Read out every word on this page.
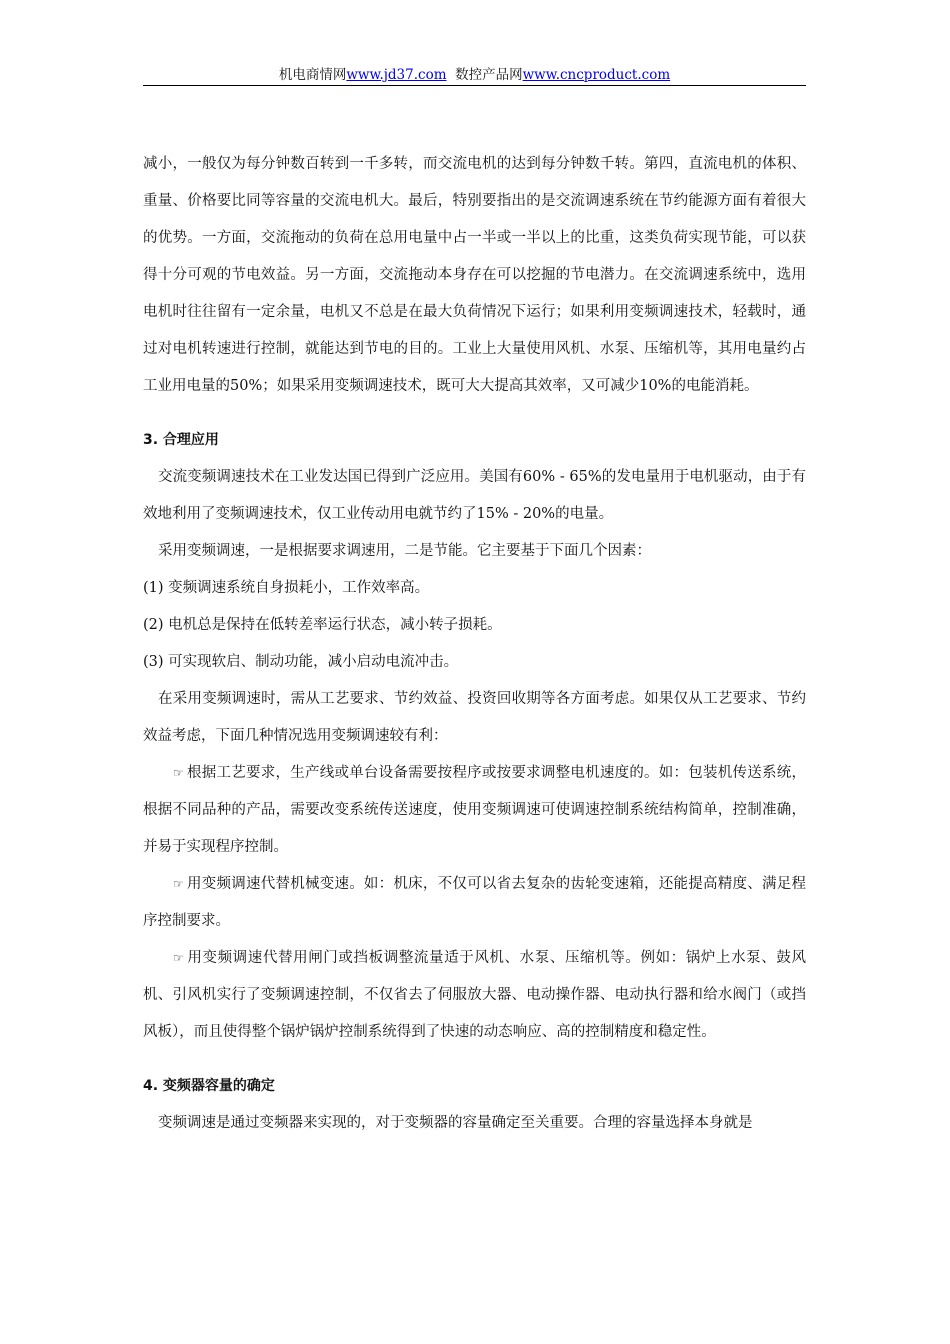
机电商情网www.jd37.com 数控产品网www.cncproduct.com

减小，一般仅为每分钟数百转到一千多转，而交流电机的达到每分钟数千转。第四，直流电机的体积、重量、价格要比同等容量的交流电机大。最后，特别要指出的是交流调速系统在节约能源方面有着很大的优势。一方面，交流拖动的负荷在总用电量中占一半或一半以上的比重，这类负荷实现节能，可以获得十分可观的节电效益。另一方面，交流拖动本身存在可以挖掘的节电潜力。在交流调速系统中，选用电机时往往留有一定余量，电机又不总是在最大负荷情况下运行；如果利用变频调速技术，轻载时，通过对电机转速进行控制，就能达到节电的目的。工业上大量使用风机、水泵、压缩机等，其用电量约占工业用电量的50%；如果采用变频调速技术，既可大大提高其效率，又可减少10%的电能消耗。

3. 合理应用

交流变频调速技术在工业发达国已得到广泛应用。美国有60% - 65%的发电量用于电机驱动，由于有效地利用了变频调速技术，仅工业传动用电就节约了15% - 20%的电量。

采用变频调速，一是根据要求调速用，二是节能。它主要基于下面几个因素：

(1) 变频调速系统自身损耗小，工作效率高。

(2) 电机总是保持在低转差率运行状态，减小转子损耗。

(3) 可实现软启、制动功能，减小启动电流冲击。

在采用变频调速时，需从工艺要求、节约效益、投资回收期等各方面考虑。如果仅从工艺要求、节约效益考虑，下面几种情况选用变频调速较有利：

☞ 根据工艺要求，生产线或单台设备需要按程序或按要求调整电机速度的。如：包装机传送系统，根据不同品种的产品，需要改变系统传送速度，使用变频调速可使调速控制系统结构简单，控制准确，并易于实现程序控制。

☞ 用变频调速代替机械变速。如：机床，不仅可以省去复杂的齿轮变速箱，还能提高精度、满足程序控制要求。

☞ 用变频调速代替用闸门或挡板调整流量适于风机、水泵、压缩机等。例如：锅炉上水泵、鼓风机、引风机实行了变频调速控制，不仅省去了伺服放大器、电动操作器、电动执行器和给水阀门（或挡风板），而且使得整个锅炉锅炉控制系统得到了快速的动态响应、高的控制精度和稳定性。

4. 变频器容量的确定

变频调速是通过变频器来实现的，对于变频器的容量确定至关重要。合理的容量选择本身就是
